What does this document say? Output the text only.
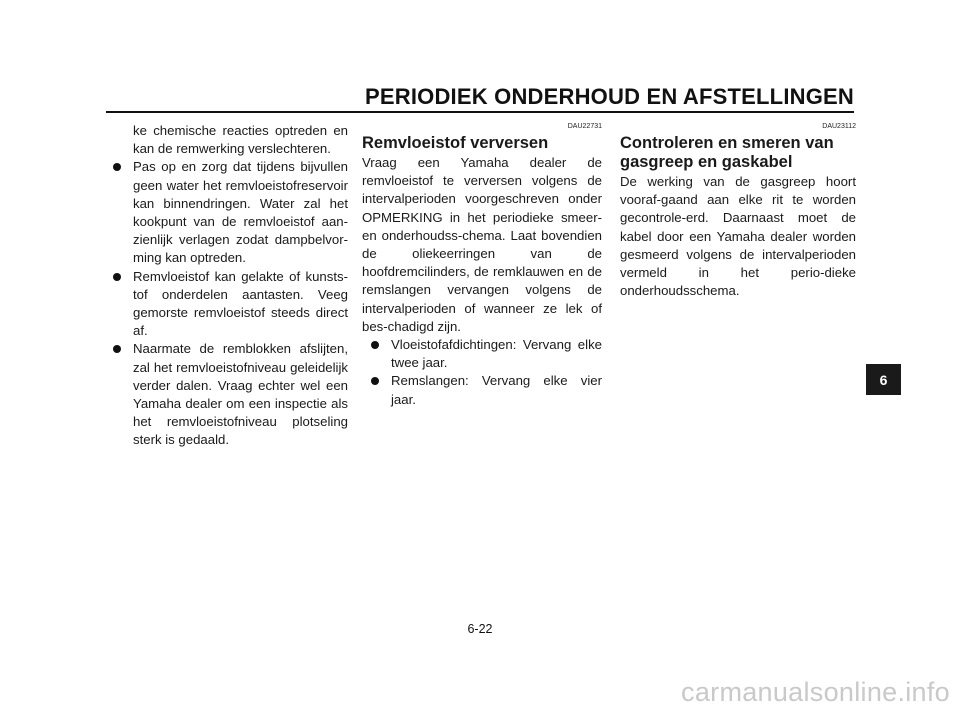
PERIODIEK ONDERHOUD EN AFSTELLINGEN
ke chemische reacties optreden en kan de remwerking verslechteren.
Pas op en zorg dat tijdens bijvullen geen water het remvloeistofreservoir kan binnendringen. Water zal het kookpunt van de remvloeistof aan-zienlijk verlagen zodat dampbelvor-ming kan optreden.
Remvloeistof kan gelakte of kunsts-tof onderdelen aantasten. Veeg gemorste remvloeistof steeds direct af.
Naarmate de remblokken afslijten, zal het remvloeistofniveau geleidelijk verder dalen. Vraag echter wel een Yamaha dealer om een inspectie als het remvloeistofniveau plotseling sterk is gedaald.
DAU22731
Remvloeistof verversen
Vraag een Yamaha dealer de remvloeistof te verversen volgens de intervalperioden voorgeschreven onder OPMERKING in het periodieke smeer- en onderhoudss-chema. Laat bovendien de oliekeerringen van de hoofdremcilinders, de remklauwen en de remslangen vervangen volgens de intervalperioden of wanneer ze lek of bes-chadigd zijn.
Vloeistofafdichtingen: Vervang elke twee jaar.
Remslangen: Vervang elke vier jaar.
DAU23112
Controleren en smeren van gasgreep en gaskabel
De werking van de gasgreep hoort vooraf-gaand aan elke rit te worden gecontrole-erd. Daarnaast moet de kabel door een Yamaha dealer worden gesmeerd volgens de intervalperioden vermeld in het perio-dieke onderhoudsschema.
6
6-22
carmanualsonline.info
